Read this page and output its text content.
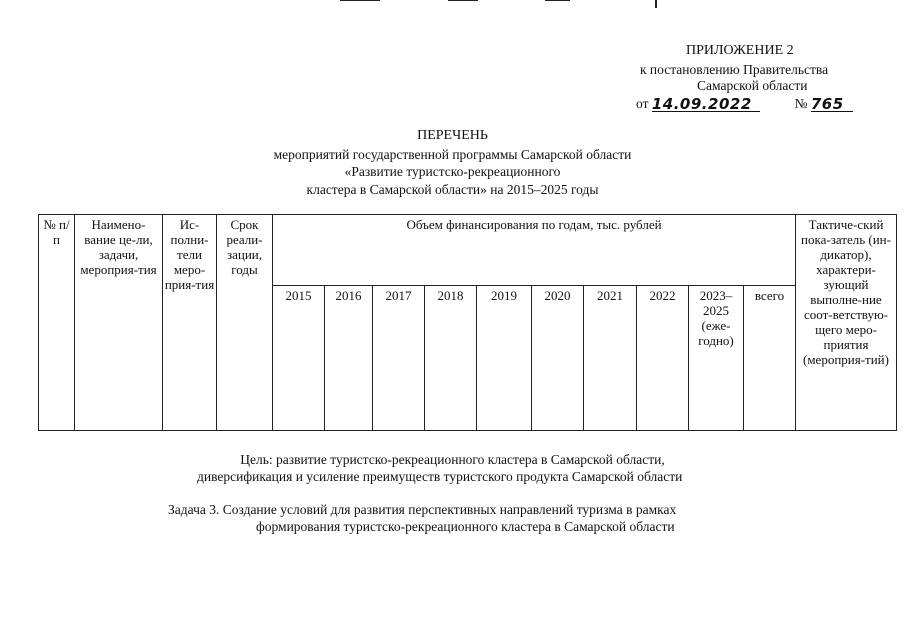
ПРИЛОЖЕНИЕ 2
к постановлению Правительства
Самарской области
от 14.09.2022	№ 765
ПЕРЕЧЕНЬ
мероприятий государственной программы Самарской области
«Развитие туристско-рекреационного
кластера в Самарской области» на 2015–2025 годы
№ п/п	Наимено-вание це-ли, задачи, мероприя-тия	Ис-полни-тели меро-прия-тия	Срок реали-зации, годы	Объем финансирования по годам, тыс. рублей										Тактиче-ский пока-затель (ин-дикатор), характери-зующий выполне-ние соот-ветствую-щего меро-приятия (мероприя-тий)
				2015	2016	2017	2018	2019	2020	2021	2022	2023–2025 (еже-годно)	всего	
Цель: развитие туристско-рекреационного кластера в Самарской области,
диверсификация и усиление преимуществ туристского продукта Самарской области
Задача 3. Создание условий для развития перспективных направлений туризма в рамках
формирования туристско-рекреационного кластера в Самарской области
